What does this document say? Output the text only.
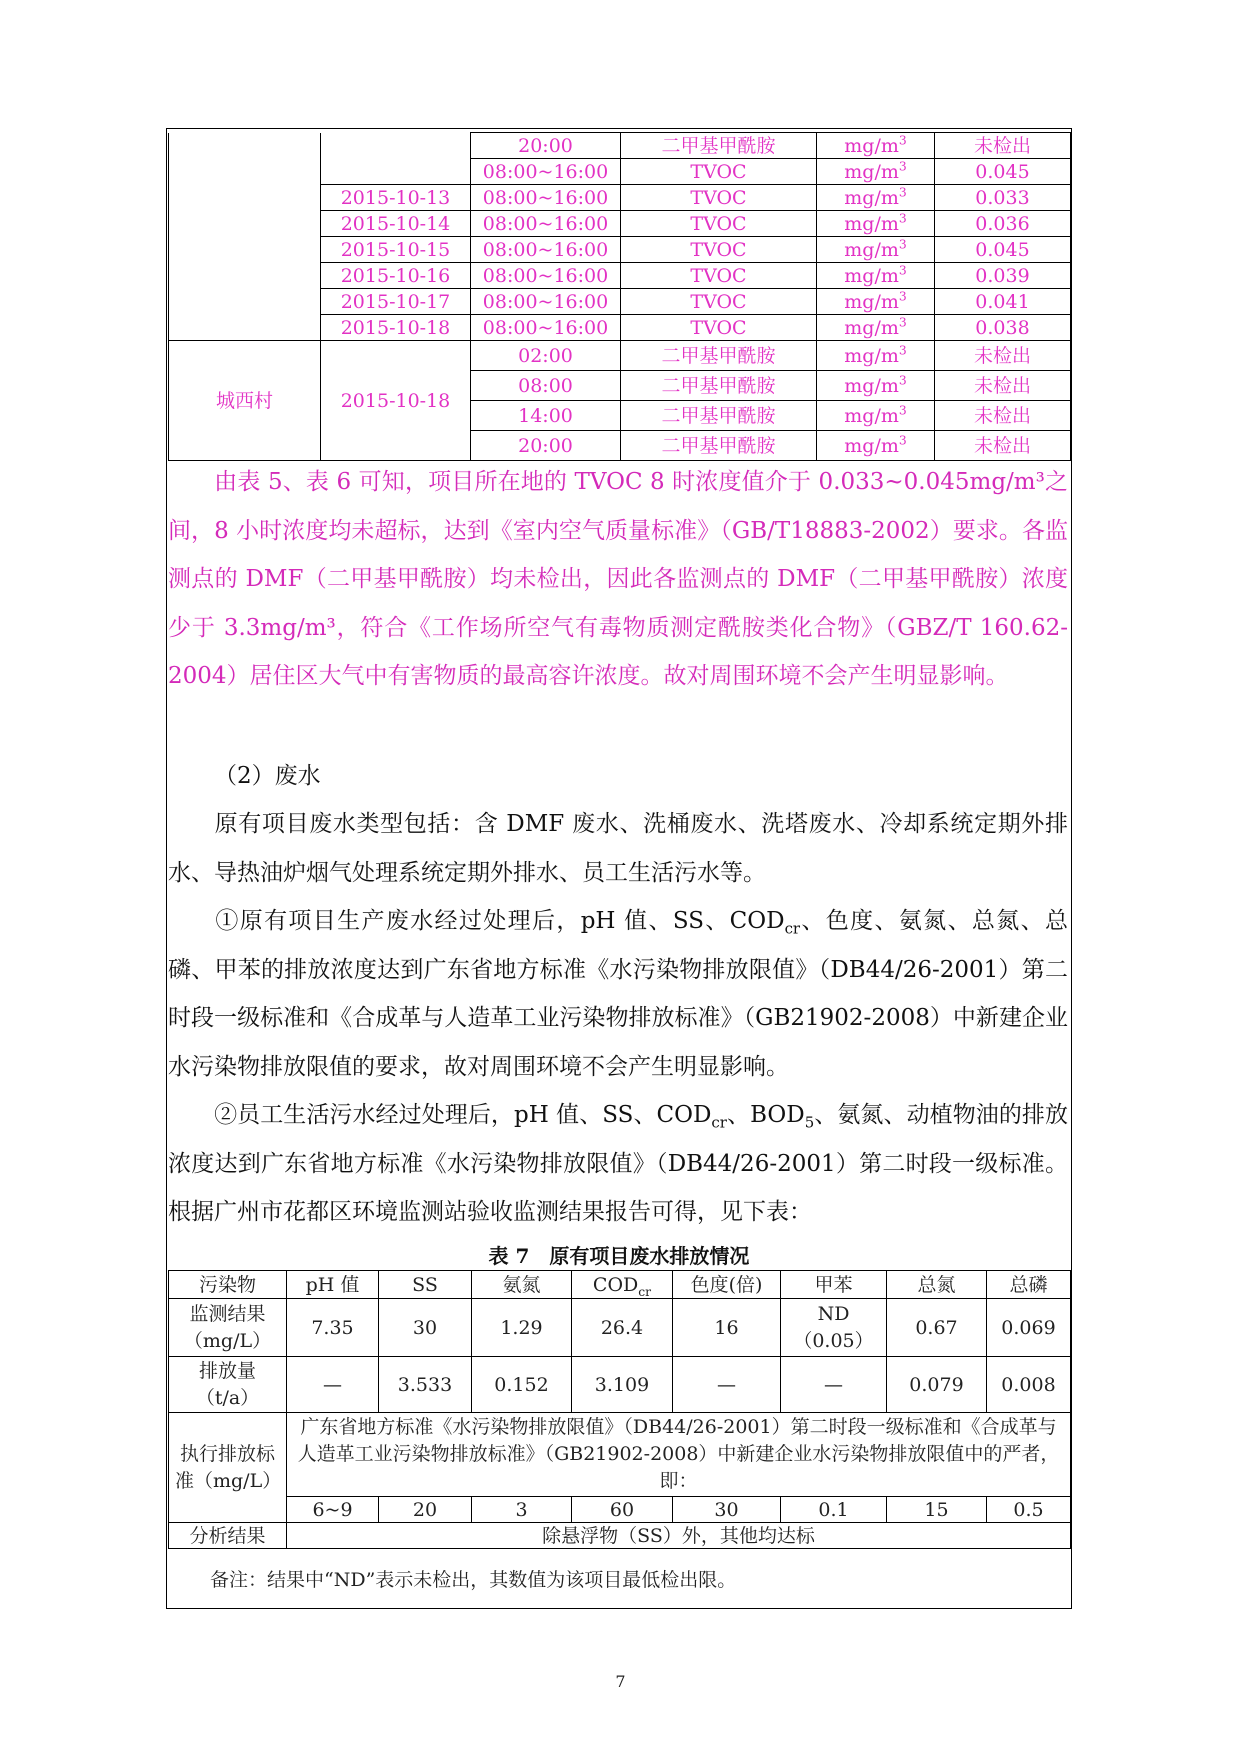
		20:00	二甲基甲酰胺	$mg/m^3$	未检出
		08:00~16:00	TVOC	$mg/m^3$	0.045
	2015-10-13	08:00~16:00	TVOC	$mg/m^3$	0.033
	2015-10-14	08:00~16:00	TVOC	$mg/m^3$	0.036
	2015-10-15	08:00~16:00	TVOC	$mg/m^3$	0.045
	2015-10-16	08:00~16:00	TVOC	$mg/m^3$	0.039
	2015-10-17	08:00~16:00	TVOC	$mg/m^3$	0.041
	2015-10-18	08:00~16:00	TVOC	$mg/m^3$	0.038
城西村	2015-10-18	02:00	二甲基甲酰胺	$mg/m^3$	未检出
		08:00	二甲基甲酰胺	$mg/m^3$	未检出
		14:00	二甲基甲酰胺	$mg/m^3$	未检出
		20:00	二甲基甲酰胺	$mg/m^3$	未检出
由表 5、表 6 可知，项目所在地的 TVOC 8 时浓度值介于 0.033~0.045mg/m³之间，8 小时浓度均未超标，达到《室内空气质量标准》（GB/T18883-2002）要求。各监测点的 DMF（二甲基甲酰胺）均未检出，因此各监测点的 DMF（二甲基甲酰胺）浓度少于 3.3mg/m³，符合《工作场所空气有毒物质测定酰胺类化合物》（GBZ/T 160.62-2004）居住区大气中有害物质的最高容许浓度。故对周围环境不会产生明显影响。
（2）废水
原有项目废水类型包括：含 DMF 废水、洗桶废水、洗塔废水、冷却系统定期外排水、导热油炉烟气处理系统定期外排水、员工生活污水等。
①原有项目生产废水经过处理后，pH 值、SS、$COD_{cr}$、色度、氨氮、总氮、总磷、甲苯的排放浓度达到广东省地方标准《水污染物排放限值》（DB44/26-2001）第二时段一级标准和《合成革与人造革工业污染物排放标准》（GB21902-2008）中新建企业水污染物排放限值的要求，故对周围环境不会产生明显影响。
②员工生活污水经过处理后，pH 值、SS、$COD_{cr}$、$BOD_5$、氨氮、动植物油的排放浓度达到广东省地方标准《水污染物排放限值》（DB44/26-2001）第二时段一级标准。根据广州市花都区环境监测站验收监测结果报告可得，见下表：
表 7　原有项目废水排放情况
污染物	pH 值	SS	氨氮	$COD_{cr}$	色度(倍)	甲苯	总氮	总磷
监测结果（mg/L）	7.35	30	1.29	26.4	16	ND（0.05）	0.67	0.069
排放量（t/a）	—	3.533	0.152	3.109	—	—	0.079	0.008
执行排放标准（mg/L）	广东省地方标准《水污染物排放限值》（DB44/26-2001）第二时段一级标准和《合成革与人造革工业污染物排放标准》（GB21902-2008）中新建企业水污染物排放限值中的严者，即：							
	6~9	20	3	60	30	0.1	15	0.5
分析结果	除悬浮物（SS）外，其他均达标							
备注：结果中“ND”表示未检出，其数值为该项目最低检出限。
7
